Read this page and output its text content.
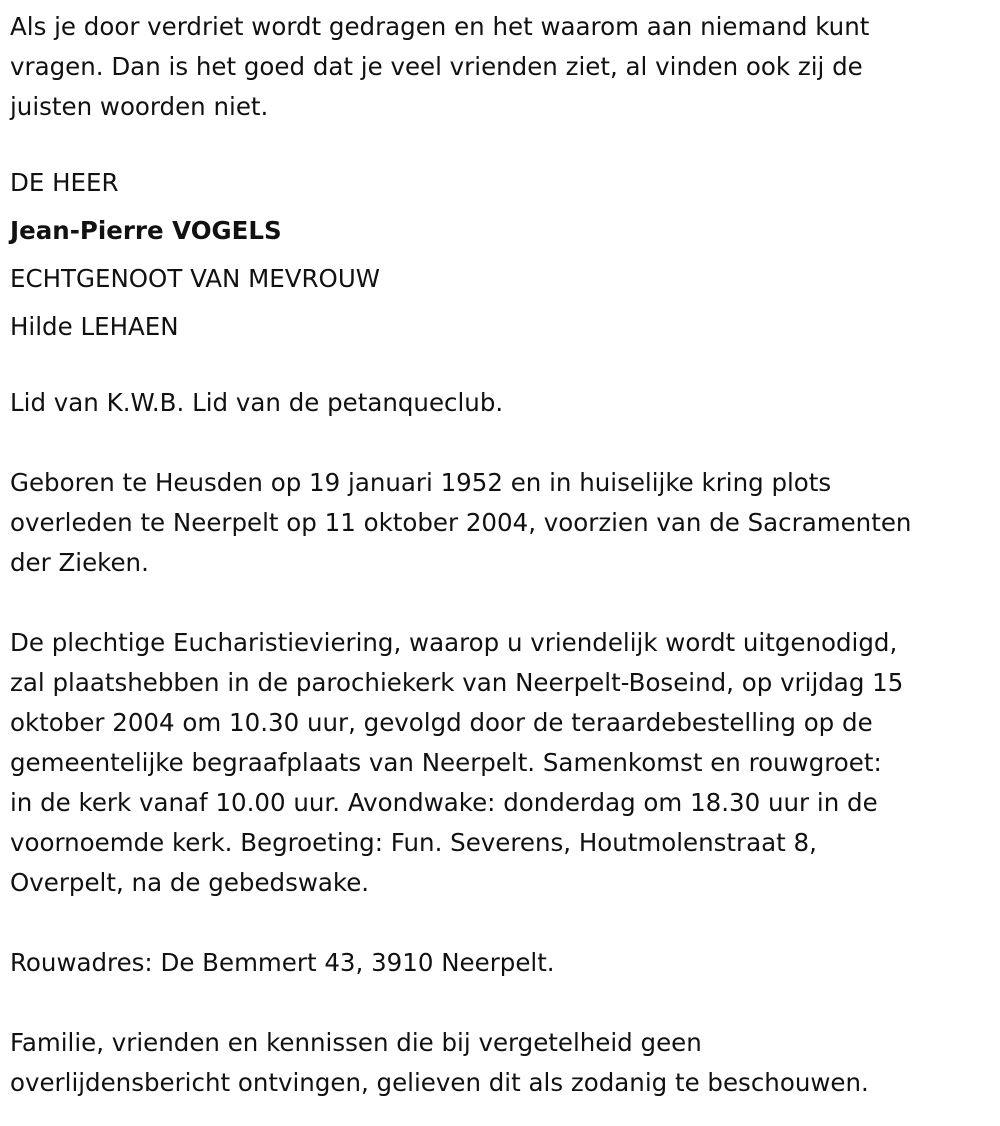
Als je door verdriet wordt gedragen en het waarom aan niemand kunt
vragen. Dan is het goed dat je veel vrienden ziet, al vinden ook zij de
juisten woorden niet.
DE HEER
Jean-Pierre VOGELS
ECHTGENOOT VAN MEVROUW
Hilde LEHAEN
Lid van K.W.B. Lid van de petanqueclub.
Geboren te Heusden op 19 januari 1952 en in huiselijke kring plots
overleden te Neerpelt op 11 oktober 2004, voorzien van de Sacramenten
der Zieken.
De plechtige Eucharistieviering, waarop u vriendelijk wordt uitgenodigd,
zal plaatshebben in de parochiekerk van Neerpelt-Boseind, op vrijdag 15
oktober 2004 om 10.30 uur, gevolgd door de teraardebestelling op de
gemeentelijke begraafplaats van Neerpelt. Samenkomst en rouwgroet:
in de kerk vanaf 10.00 uur. Avondwake: donderdag om 18.30 uur in de
voornoemde kerk. Begroeting: Fun. Severens, Houtmolenstraat 8,
Overpelt, na de gebedswake.
Rouwadres: De Bemmert 43, 3910 Neerpelt.
Familie, vrienden en kennissen die bij vergetelheid geen
overlijdensbericht ontvingen, gelieven dit als zodanig te beschouwen.
